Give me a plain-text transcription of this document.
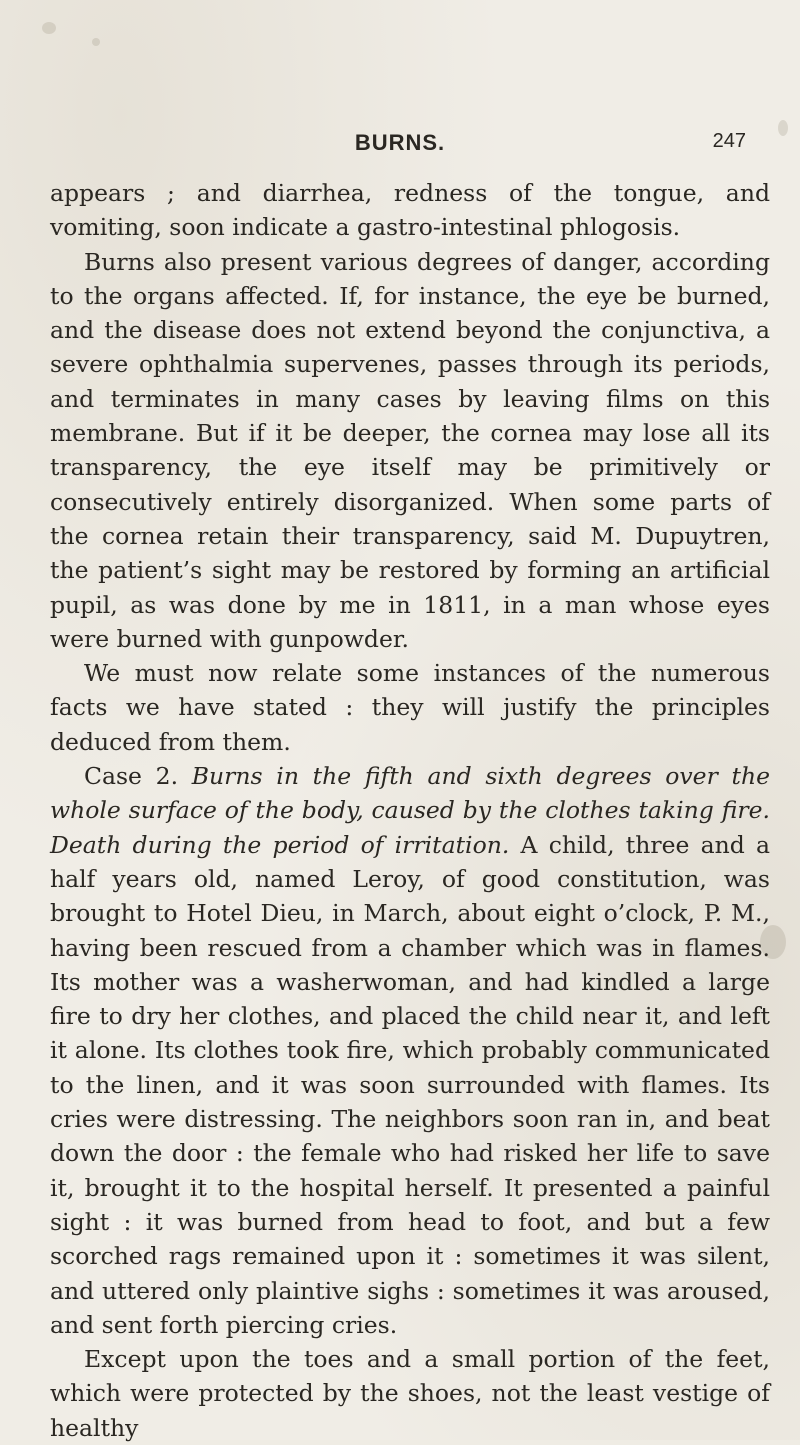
BURNS.	247

appears ; and diarrhea, redness of the tongue, and vomiting, soon indicate a gastro-intestinal phlogosis.

Burns also present various degrees of danger, according to the organs affected. If, for instance, the eye be burned, and the disease does not extend beyond the conjunctiva, a severe ophthalmia supervenes, passes through its periods, and terminates in many cases by leaving films on this membrane. But if it be deeper, the cornea may lose all its transparency, the eye itself may be primitively or consecutively entirely disorganized. When some parts of the cornea retain their transparency, said M. Dupuytren, the patient’s sight may be restored by forming an artificial pupil, as was done by me in 1811, in a man whose eyes were burned with gunpowder.

We must now relate some instances of the numerous facts we have stated : they will justify the principles deduced from them.

Case 2. Burns in the fifth and sixth degrees over the whole surface of the body, caused by the clothes taking fire. Death during the period of irritation. A child, three and a half years old, named Leroy, of good constitution, was brought to Hotel Dieu, in March, about eight o’clock, P. M., having been rescued from a chamber which was in flames. Its mother was a washerwoman, and had kindled a large fire to dry her clothes, and placed the child near it, and left it alone. Its clothes took fire, which probably communicated to the linen, and it was soon surrounded with flames. Its cries were distressing. The neighbors soon ran in, and beat down the door : the female who had risked her life to save it, brought it to the hospital herself. It presented a painful sight : it was burned from head to foot, and but a few scorched rags remained upon it : sometimes it was silent, and uttered only plaintive sighs : sometimes it was aroused, and sent forth piercing cries.

Except upon the toes and a small portion of the feet, which were protected by the shoes, not the least vestige of healthy
